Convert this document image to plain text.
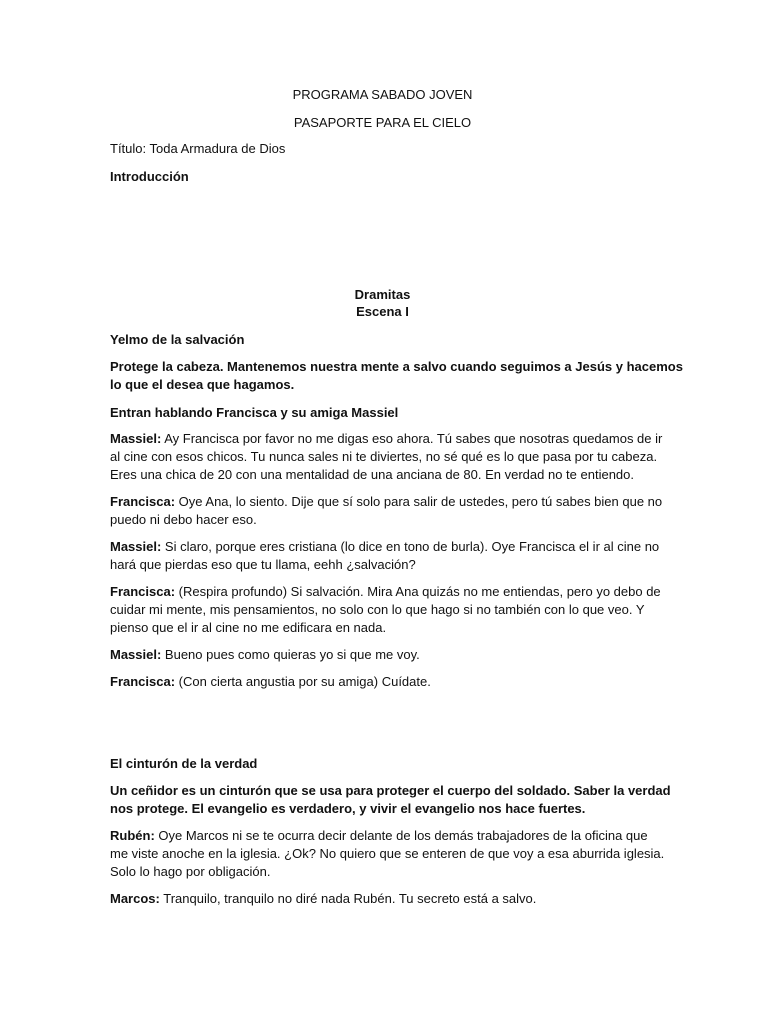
PROGRAMA SABADO JOVEN

PASAPORTE PARA EL CIELO

Título: Toda Armadura de Dios

Introducción

Dramitas

Escena I

Yelmo de la salvación

Protege la cabeza. Mantenemos nuestra mente a salvo cuando seguimos a Jesús y hacemos
lo que el desea que hagamos.

Entran hablando Francisca y su amiga Massiel

Massiel: Ay Francisca por favor no me digas eso ahora. Tú sabes que nosotras quedamos de ir
al cine con esos chicos. Tu nunca sales ni te diviertes, no sé qué es lo que pasa por tu cabeza.
Eres una chica de 20 con una mentalidad de una anciana de 80. En verdad no te entiendo.

Francisca: Oye Ana, lo siento. Dije que sí solo para salir de ustedes, pero tú sabes bien que no
puedo ni debo hacer eso.

Massiel: Si claro, porque eres cristiana (lo dice en tono de burla). Oye Francisca el ir al cine no
hará que pierdas eso que tu llama, eehh ¿salvación?

Francisca: (Respira profundo) Si salvación. Mira Ana quizás no me entiendas, pero yo debo de
cuidar mi mente, mis pensamientos, no solo con lo que hago si no también con lo que veo. Y
pienso que el ir al cine no me edificara en nada.

Massiel: Bueno pues como quieras yo si que me voy.

Francisca: (Con cierta angustia por su amiga) Cuídate.

El cinturón de la verdad

Un ceñidor es un cinturón que se usa para proteger el cuerpo del soldado. Saber la verdad
nos protege. El evangelio es verdadero, y vivir el evangelio nos hace fuertes.

Rubén: Oye Marcos ni se te ocurra decir delante de los demás trabajadores de la oficina que
me viste anoche en la iglesia. ¿Ok? No quiero que se enteren de que voy a esa aburrida iglesia.
Solo lo hago por obligación.

Marcos: Tranquilo, tranquilo no diré nada Rubén. Tu secreto está a salvo.
